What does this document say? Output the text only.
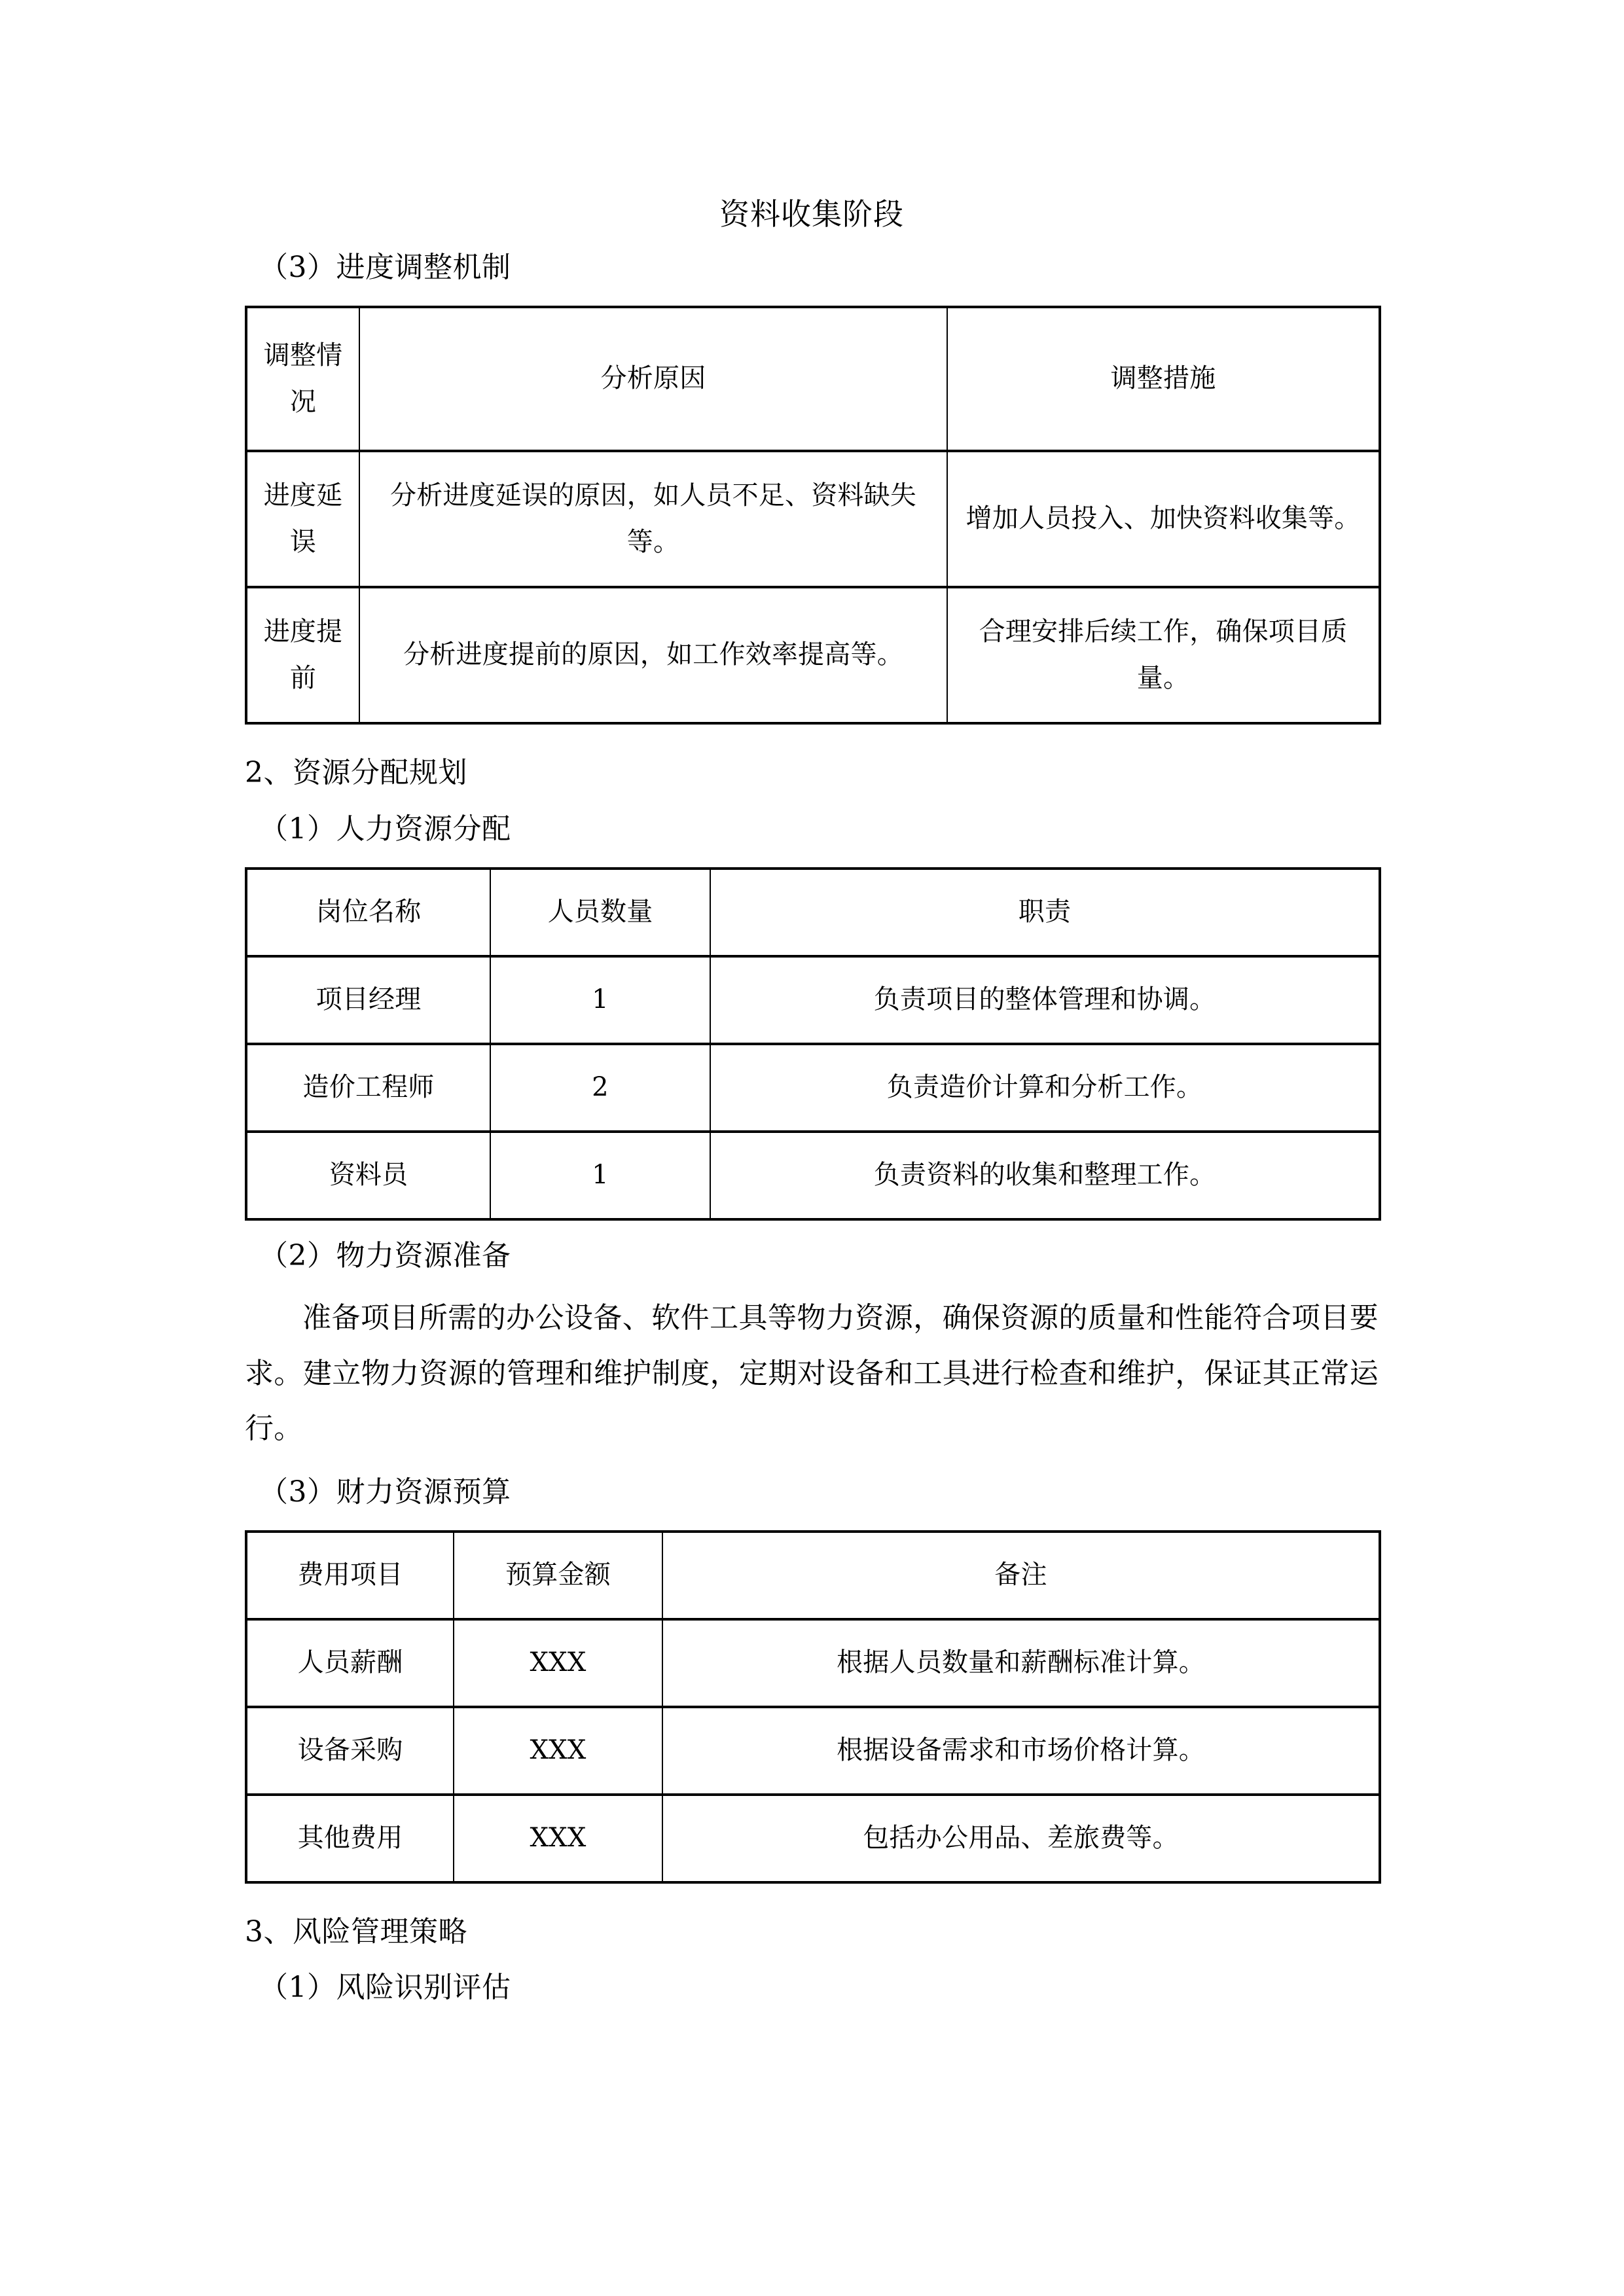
资料收集阶段
（3）进度调整机制
调整情况	分析原因	调整措施
进度延误	分析进度延误的原因，如人员不足、资料缺失等。	增加人员投入、加快资料收集等。
进度提前	分析进度提前的原因，如工作效率提高等。	合理安排后续工作，确保项目质量。
2、资源分配规划
（1）人力资源分配
岗位名称	人员数量	职责
项目经理	1	负责项目的整体管理和协调。
造价工程师	2	负责造价计算和分析工作。
资料员	1	负责资料的收集和整理工作。
（2）物力资源准备
准备项目所需的办公设备、软件工具等物力资源，确保资源的质量和性能符合项目要求。建立物力资源的管理和维护制度，定期对设备和工具进行检查和维护，保证其正常运行。
（3）财力资源预算
费用项目	预算金额	备注
人员薪酬	XXX	根据人员数量和薪酬标准计算。
设备采购	XXX	根据设备需求和市场价格计算。
其他费用	XXX	包括办公用品、差旅费等。
3、风险管理策略
（1）风险识别评估
